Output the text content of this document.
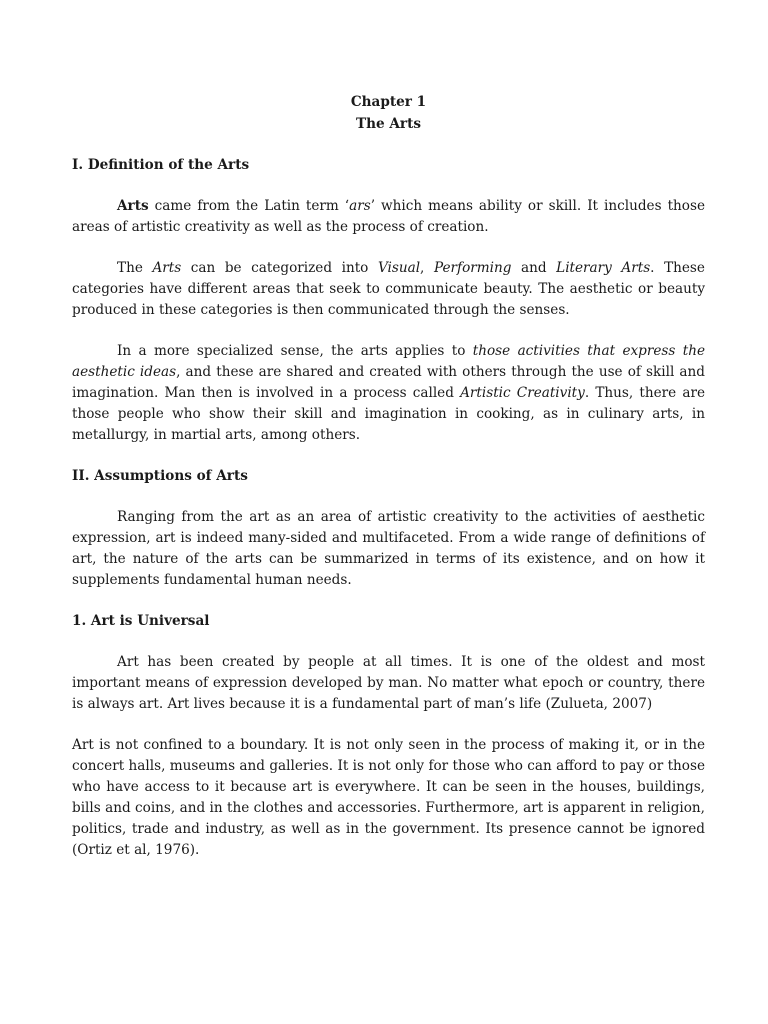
Chapter 1
The Arts
I. Definition of the Arts

Arts came from the Latin term ‘ars’ which means ability or skill. It includes those areas of artistic creativity as well as the process of creation.

The Arts can be categorized into Visual, Performing and Literary Arts. These categories have different areas that seek to communicate beauty. The aesthetic or beauty produced in these categories is then communicated through the senses.

In a more specialized sense, the arts applies to those activities that express the aesthetic ideas, and these are shared and created with others through the use of skill and imagination. Man then is involved in a process called Artistic Creativity. Thus, there are those people who show their skill and imagination in cooking, as in culinary arts, in metallurgy, in martial arts, among others.

II. Assumptions of Arts

Ranging from the art as an area of artistic creativity to the activities of aesthetic expression, art is indeed many-sided and multifaceted. From a wide range of definitions of art, the nature of the arts can be summarized in terms of its existence, and on how it supplements fundamental human needs.

1. Art is Universal

Art has been created by people at all times. It is one of the oldest and most important means of expression developed by man. No matter what epoch or country, there is always art. Art lives because it is a fundamental part of man’s life (Zulueta, 2007)

Art is not confined to a boundary. It is not only seen in the process of making it, or in the concert halls, museums and galleries. It is not only for those who can afford to pay or those who have access to it because art is everywhere. It can be seen in the houses, buildings, bills and coins, and in the clothes and accessories. Furthermore, art is apparent in religion, politics, trade and industry, as well as in the government. Its presence cannot be ignored (Ortiz et al, 1976).
